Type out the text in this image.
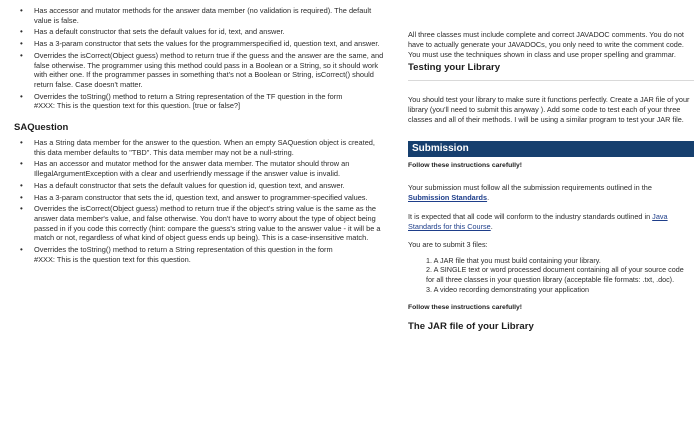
• Has accessor and mutator methods for the answer data member (no validation is required). The default value is false.
• Has a default constructor that sets the default values for id, text, and answer.
• Has a 3-param constructor that sets the values for the programmerspecified id, question text, and answer.
• Overrides the isCorrect(Object guess) method to return true if the guess and the answer are the same, and false otherwise. The programmer using this method could pass in a Boolean or a String, so it should work with either one. If the programmer passes in something that's not a Boolean or String, isCorrect() should return false. Case doesn't matter.
• Overrides the toString() method to return a String representation of the TF question in the form
#XXX: This is the question text for this question. [true or false?]
SAQuestion
• Has a String data member for the answer to the question. When an empty SAQuestion object is created, this data member defaults to "TBD". This data member may not be a null-string.
• Has an accessor and mutator method for the answer data member. The mutator should throw an IllegalArgumentException with a clear and userfriendly message if the answer value is invalid.
• Has a default constructor that sets the default values for question id, question text, and answer.
• Has a 3-param constructor that sets the id, question text, and answer to programmer-specified values.
• Overrides the isCorrect(Object guess) method to return true if the object's string value is the same as the answer data member's value, and false otherwise. You don't have to worry about the type of object being passed in if you code this correctly (hint: compare the guess's string value to the answer value - it will be a match or not, regardless of what kind of object guess ends up being). This is a case-insensitive match.
• Overrides the toString() method to return a String representation of this question in the form
#XXX: This is the question text for this question.

All three classes must include complete and correct JAVADOC comments. You do not have to actually generate your JAVADOCs, you only need to write the comment code. You must use the techniques shown in class and use proper spelling and grammar.

Testing your Library

You should test your library to make sure it functions perfectly. Create a JAR file of your library (you'll need to submit this anyway ). Add some code to test each of your three classes and all of their methods. I will be using a similar program to test your JAR file.

Submission
Follow these instructions carefully!

Your submission must follow all the submission requirements outlined in the Submission Standards.

It is expected that all code will conform to the industry standards outlined in Java Standards for this Course.

You are to submit 3 files:

1. A JAR file that you must build containing your library.
2. A SINGLE text or word processed document containing all of your source code for all three classes in your question library (acceptable file formats: .txt, .doc).
3. A video recording demonstrating your application
Follow these instructions carefully!
The JAR file of your Library
